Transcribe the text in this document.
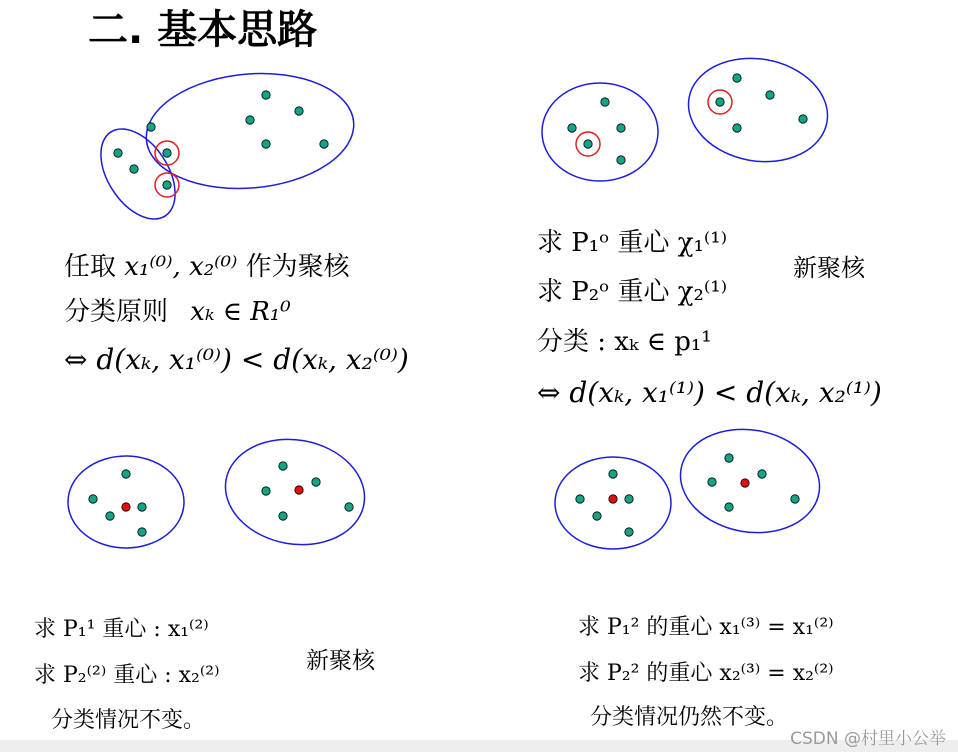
二. 基本思路
任取 x₁⁽⁰⁾, x₂⁽⁰⁾ 作为聚核
分类原则 xₖ ∈ R₁⁰
⇔ d(xₖ, x₁⁽⁰⁾) < d(xₖ, x₂⁽⁰⁾)
求 P₁ᵒ 重心 χ₁⁽¹⁾
求 P₂ᵒ 重心 χ₂⁽¹⁾
新聚核
分类 : xₖ ∈ p₁¹
⇔ d(xₖ, x₁⁽¹⁾) < d(xₖ, x₂⁽¹⁾)
求 P₁¹ 重心 : x₁⁽²⁾
求 P₂⁽²⁾ 重心 : x₂⁽²⁾
新聚核
分类情况不变。
求 P₁² 的重心 x₁⁽³⁾ = x₁⁽²⁾
求 P₂² 的重心 x₂⁽³⁾ = x₂⁽²⁾
分类情况仍然不变。
CSDN @村里小公举
